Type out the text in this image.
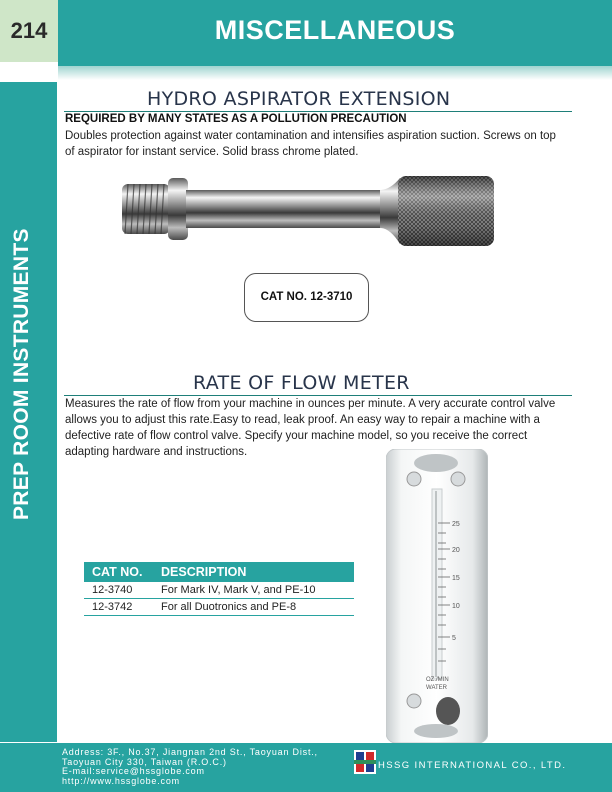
214	MISCELLANEOUS
PREP ROOM INSTRUMENTS
HYDRO ASPIRATOR EXTENSION
REQUIRED BY MANY STATES AS A POLLUTION PRECAUTION
Doubles protection against water contamination and intensifies aspiration suction. Screws on top of aspirator for instant service. Solid brass chrome plated.
CAT NO. 12-3710
RATE OF FLOW METER
Measures the rate of flow from your machine in ounces per minute. A very accurate control valve allows you to adjust this rate.Easy to read, leak proof. An easy way to repair a machine with a defective rate of flow control valve. Specify your machine model, so you receive the correct adapting hardware and instructions.
25
20
15
10
5
OZ./MIN
WATER
CAT NO.	DESCRIPTION
12-3740	For Mark IV, Mark V, and PE-10
12-3742	For all Duotronics and PE-8
Address: 3F., No.37, Jiangnan 2nd St., Taoyuan Dist.,
Taoyuan City 330, Taiwan (R.O.C.)
E-mail:service@hssglobe.com
http://www.hssglobe.com
HSSG INTERNATIONAL CO., LTD.
